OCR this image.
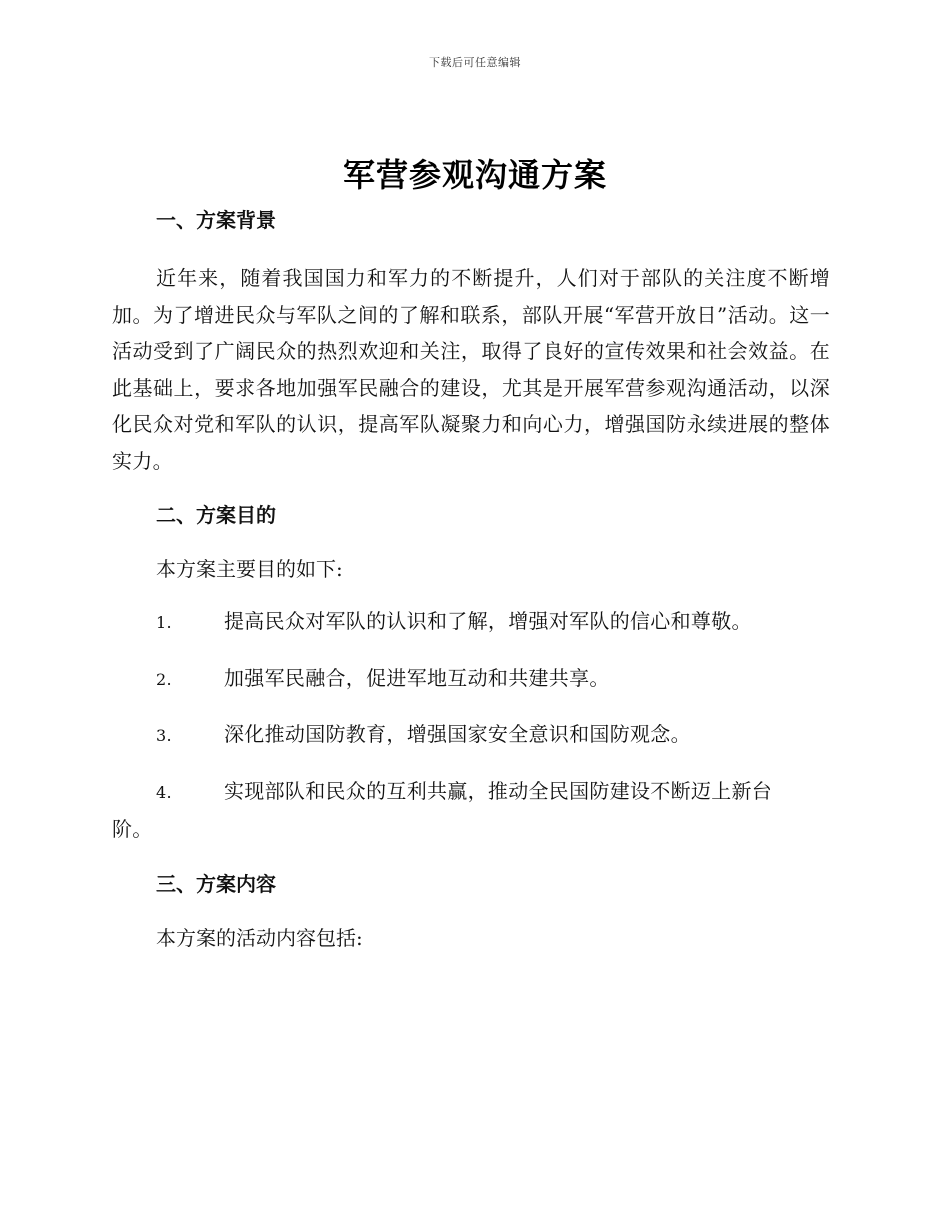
下载后可任意编辑
军营参观沟通方案
一、方案背景

近年来，随着我国国力和军力的不断提升，人们对于部队的关注度不断增加。为了增进民众与军队之间的了解和联系，部队开展“军营开放日”活动。这一活动受到了广阔民众的热烈欢迎和关注，取得了良好的宣传效果和社会效益。在此基础上，要求各地加强军民融合的建设，尤其是开展军营参观沟通活动，以深化民众对党和军队的认识，提高军队凝聚力和向心力，增强国防永续进展的整体实力。

二、方案目的

本方案主要目的如下:

1.	提高民众对军队的认识和了解，增强对军队的信心和尊敬。

2.	加强军民融合，促进军地互动和共建共享。

3.	深化推动国防教育，增强国家安全意识和国防观念。

4.	实现部队和民众的互利共赢，推动全民国防建设不断迈上新台
阶。

三、方案内容

本方案的活动内容包括:
